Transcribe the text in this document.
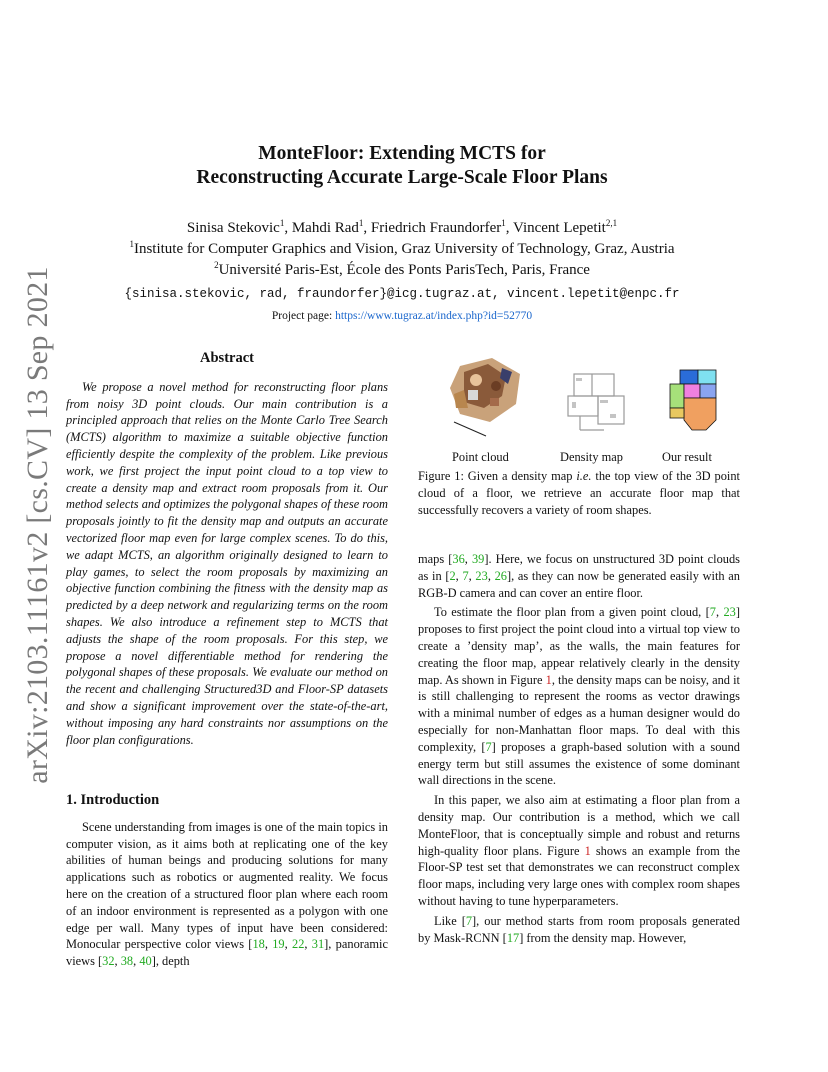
arXiv:2103.11161v2 [cs.CV] 13 Sep 2021
MonteFloor: Extending MCTS for
Reconstructing Accurate Large-Scale Floor Plans
Sinisa Stekovic$^1$, Mahdi Rad$^1$, Friedrich Fraundorfer$^1$, Vincent Lepetit$^{2,1}$
$^1$Institute for Computer Graphics and Vision, Graz University of Technology, Graz, Austria
$^2$Université Paris-Est, École des Ponts ParisTech, Paris, France
{sinisa.stekovic, rad, fraundorfer}@icg.tugraz.at, vincent.lepetit@enpc.fr
Project page: https://www.tugraz.at/index.php?id=52770
Abstract

We propose a novel method for reconstructing floor plans from noisy 3D point clouds. Our main contribution is a principled approach that relies on the Monte Carlo Tree Search (MCTS) algorithm to maximize a suitable objective function efficiently despite the complexity of the problem. Like previous work, we first project the input point cloud to a top view to create a density map and extract room proposals from it. Our method selects and optimizes the polygonal shapes of these room proposals jointly to fit the density map and outputs an accurate vectorized floor map even for large complex scenes. To do this, we adapt MCTS, an algorithm originally designed to learn to play games, to select the room proposals by maximizing an objective function combining the fitness with the density map as predicted by a deep network and regularizing terms on the room shapes. We also introduce a refinement step to MCTS that adjusts the shape of the room proposals. For this step, we propose a novel differentiable method for rendering the polygonal shapes of these proposals. We evaluate our method on the recent and challenging Structured3D and Floor-SP datasets and show a significant improvement over the state-of-the-art, without imposing any hard constraints nor assumptions on the floor plan configurations.

1. Introduction

Scene understanding from images is one of the main topics in computer vision, as it aims both at replicating one of the key abilities of human beings and producing solutions for many applications such as robotics or augmented reality. We focus here on the creation of a structured floor plan where each room of an indoor environment is represented as a polygon with one edge per wall. Many types of input have been considered: Monocular perspective color views [18, 19, 22, 31], panoramic views [32, 38, 40], depth

Point cloud	Density map	Our result
Figure 1: Given a density map i.e. the top view of the 3D point cloud of a floor, we retrieve an accurate floor map that successfully recovers a variety of room shapes.

maps [36, 39]. Here, we focus on unstructured 3D point clouds as in [2, 7, 23, 26], as they can now be generated easily with an RGB-D camera and can cover an entire floor.

To estimate the floor plan from a given point cloud, [7, 23] proposes to first project the point cloud into a virtual top view to create a ’density map’, as the walls, the main features for creating the floor map, appear relatively clearly in the density map. As shown in Figure 1, the density maps can be noisy, and it is still challenging to represent the rooms as vector drawings with a minimal number of edges as a human designer would do especially for non-Manhattan floor maps. To deal with this complexity, [7] proposes a graph-based solution with a sound energy term but still assumes the existence of some dominant wall directions in the scene.

In this paper, we also aim at estimating a floor plan from a density map. Our contribution is a method, which we call MonteFloor, that is conceptually simple and robust and returns high-quality floor plans. Figure 1 shows an example from the Floor-SP test set that demonstrates we can reconstruct complex floor maps, including very large ones with complex room shapes without having to tune hyperparameters.

Like [7], our method starts from room proposals generated by Mask-RCNN [17] from the density map. However,
